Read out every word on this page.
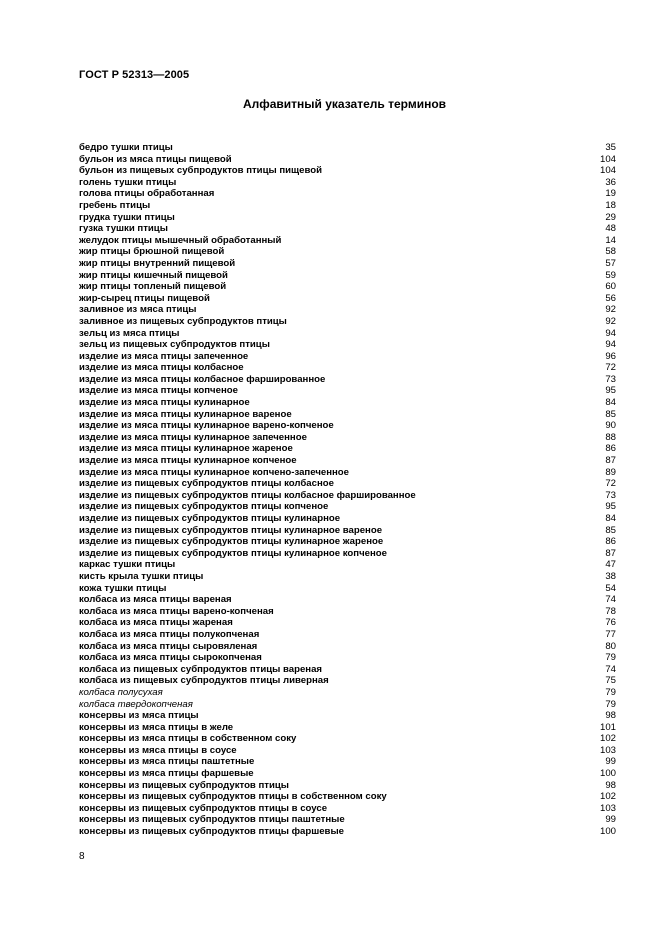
ГОСТ Р 52313—2005
Алфавитный указатель терминов
бедро тушки птицы	35
бульон из мяса птицы пищевой	104
бульон из пищевых субпродуктов птицы пищевой	104
голень тушки птицы	36
голова птицы обработанная	19
гребень птицы	18
грудка тушки птицы	29
гузка тушки птицы	48
желудок птицы мышечный обработанный	14
жир птицы брюшной пищевой	58
жир птицы внутренний пищевой	57
жир птицы кишечный пищевой	59
жир птицы топленый пищевой	60
жир-сырец птицы пищевой	56
заливное из мяса птицы	92
заливное из пищевых субпродуктов птицы	92
зельц из мяса птицы	94
зельц из пищевых субпродуктов птицы	94
изделие из мяса птицы запеченное	96
изделие из мяса птицы колбасное	72
изделие из мяса птицы колбасное фаршированное	73
изделие из мяса птицы копченое	95
изделие из мяса птицы кулинарное	84
изделие из мяса птицы кулинарное вареное	85
изделие из мяса птицы кулинарное варено-копченое	90
изделие из мяса птицы кулинарное запеченное	88
изделие из мяса птицы кулинарное жареное	86
изделие из мяса птицы кулинарное копченое	87
изделие из мяса птицы кулинарное копчено-запеченное	89
изделие из пищевых субпродуктов птицы колбасное	72
изделие из пищевых субпродуктов птицы колбасное фаршированное	73
изделие из пищевых субпродуктов птицы копченое	95
изделие из пищевых субпродуктов птицы кулинарное	84
изделие из пищевых субпродуктов птицы кулинарное вареное	85
изделие из пищевых субпродуктов птицы кулинарное жареное	86
изделие из пищевых субпродуктов птицы кулинарное копченое	87
каркас тушки птицы	47
кисть крыла тушки птицы	38
кожа тушки птицы	54
колбаса из мяса птицы вареная	74
колбаса из мяса птицы варено-копченая	78
колбаса из мяса птицы жареная	76
колбаса из мяса птицы полукопченая	77
колбаса из мяса птицы сыровяленая	80
колбаса из мяса птицы сырокопченая	79
колбаса из пищевых субпродуктов птицы вареная	74
колбаса из пищевых субпродуктов птицы ливерная	75
колбаса полусухая	79
колбаса твердокопченая	79
консервы из мяса птицы	98
консервы из мяса птицы в желе	101
консервы из мяса птицы в собственном соку	102
консервы из мяса птицы в соусе	103
консервы из мяса птицы паштетные	99
консервы из мяса птицы фаршевые	100
консервы из пищевых субпродуктов птицы	98
консервы из пищевых субпродуктов птицы в собственном соку	102
консервы из пищевых субпродуктов птицы в соусе	103
консервы из пищевых субпродуктов птицы паштетные	99
консервы из пищевых субпродуктов птицы фаршевые	100
8
